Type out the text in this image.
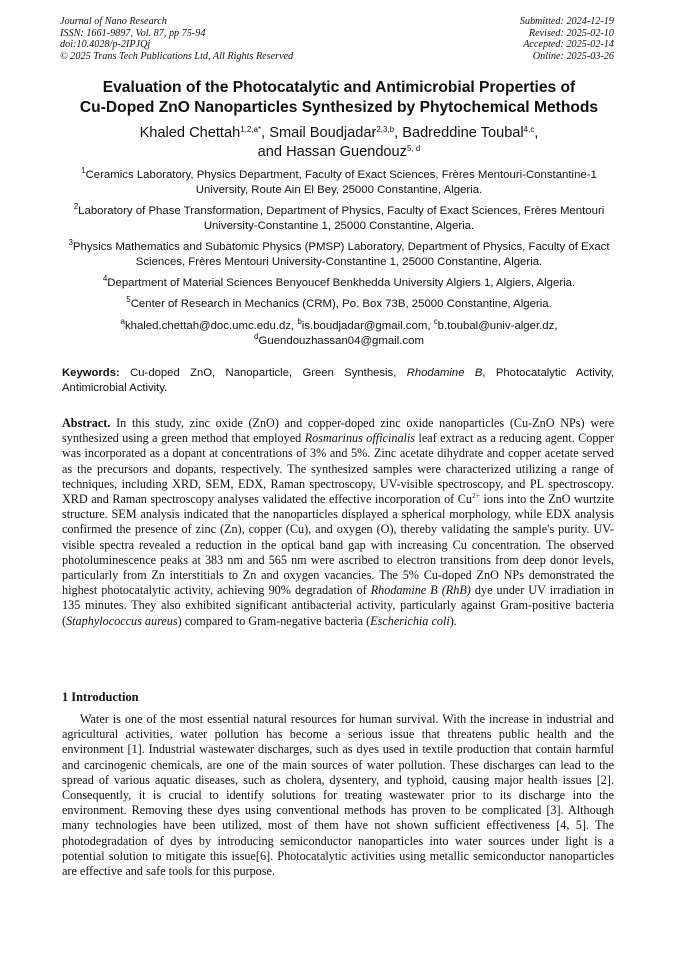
Journal of Nano Research
ISSN: 1661-9897, Vol. 87, pp 75-94
doi:10.4028/p-2IPJQj
© 2025 Trans Tech Publications Ltd, All Rights Reserved
Submitted: 2024-12-19
Revised: 2025-02-10
Accepted: 2025-02-14
Online: 2025-03-26
Evaluation of the Photocatalytic and Antimicrobial Properties of
Cu-Doped ZnO Nanoparticles Synthesized by Phytochemical Methods
Khaled Chettah$^{1,2,a*}$, Smail Boudjadar$^{2,3,b}$, Badreddine Toubal$^{4,c}$,
and Hassan Guendouz$^{5, d}$
$^1$Ceramics Laboratory, Physics Department, Faculty of Exact Sciences, Frères Mentouri-Constantine-1 University, Route Ain El Bey, 25000 Constantine, Algeria.
$^2$Laboratory of Phase Transformation, Department of Physics, Faculty of Exact Sciences, Frères Mentouri University-Constantine 1, 25000 Constantine, Algeria.
$^3$Physics Mathematics and Subatomic Physics (PMSP) Laboratory, Department of Physics, Faculty of Exact Sciences, Frères Mentouri University-Constantine 1, 25000 Constantine, Algeria.
$^4$Department of Material Sciences Benyoucef Benkhedda University Algiers 1, Algiers, Algeria.
$^5$Center of Research in Mechanics (CRM), Po. Box 73B, 25000 Constantine, Algeria.
$^a$khaled.chettah@doc.umc.edu.dz, $^b$is.boudjadar@gmail.com, $^c$b.toubal@univ-alger.dz,
$^d$Guendouzhassan04@gmail.com
Keywords: Cu-doped ZnO, Nanoparticle, Green Synthesis, Rhodamine B, Photocatalytic Activity, Antimicrobial Activity.
Abstract. In this study, zinc oxide (ZnO) and copper-doped zinc oxide nanoparticles (Cu-ZnO NPs) were synthesized using a green method that employed Rosmarinus officinalis leaf extract as a reducing agent. Copper was incorporated as a dopant at concentrations of 3% and 5%. Zinc acetate dihydrate and copper acetate served as the precursors and dopants, respectively. The synthesized samples were characterized utilizing a range of techniques, including XRD, SEM, EDX, Raman spectroscopy, UV-visible spectroscopy, and PL spectroscopy. XRD and Raman spectroscopy analyses validated the effective incorporation of $Cu^{2+}$ ions into the ZnO wurtzite structure. SEM analysis indicated that the nanoparticles displayed a spherical morphology, while EDX analysis confirmed the presence of zinc (Zn), copper (Cu), and oxygen (O), thereby validating the sample's purity. UV-visible spectra revealed a reduction in the optical band gap with increasing Cu concentration. The observed photoluminescence peaks at 383 nm and 565 nm were ascribed to electron transitions from deep donor levels, particularly from Zn interstitials to Zn and oxygen vacancies. The 5% Cu-doped ZnO NPs demonstrated the highest photocatalytic activity, achieving 90% degradation of Rhodamine B (RhB) dye under UV irradiation in 135 minutes. They also exhibited significant antibacterial activity, particularly against Gram-positive bacteria (Staphylococcus aureus) compared to Gram-negative bacteria (Escherichia coli).
1 Introduction
Water is one of the most essential natural resources for human survival. With the increase in industrial and agricultural activities, water pollution has become a serious issue that threatens public health and the environment [1]. Industrial wastewater discharges, such as dyes used in textile production that contain harmful and carcinogenic chemicals, are one of the main sources of water pollution. These discharges can lead to the spread of various aquatic diseases, such as cholera, dysentery, and typhoid, causing major health issues [2]. Consequently, it is crucial to identify solutions for treating wastewater prior to its discharge into the environment. Removing these dyes using conventional methods has proven to be complicated [3]. Although many technologies have been utilized, most of them have not shown sufficient effectiveness [4, 5]. The photodegradation of dyes by introducing semiconductor nanoparticles into water sources under light is a potential solution to mitigate this issue[6]. Photocatalytic activities using metallic semiconductor nanoparticles are effective and safe tools for this purpose.
